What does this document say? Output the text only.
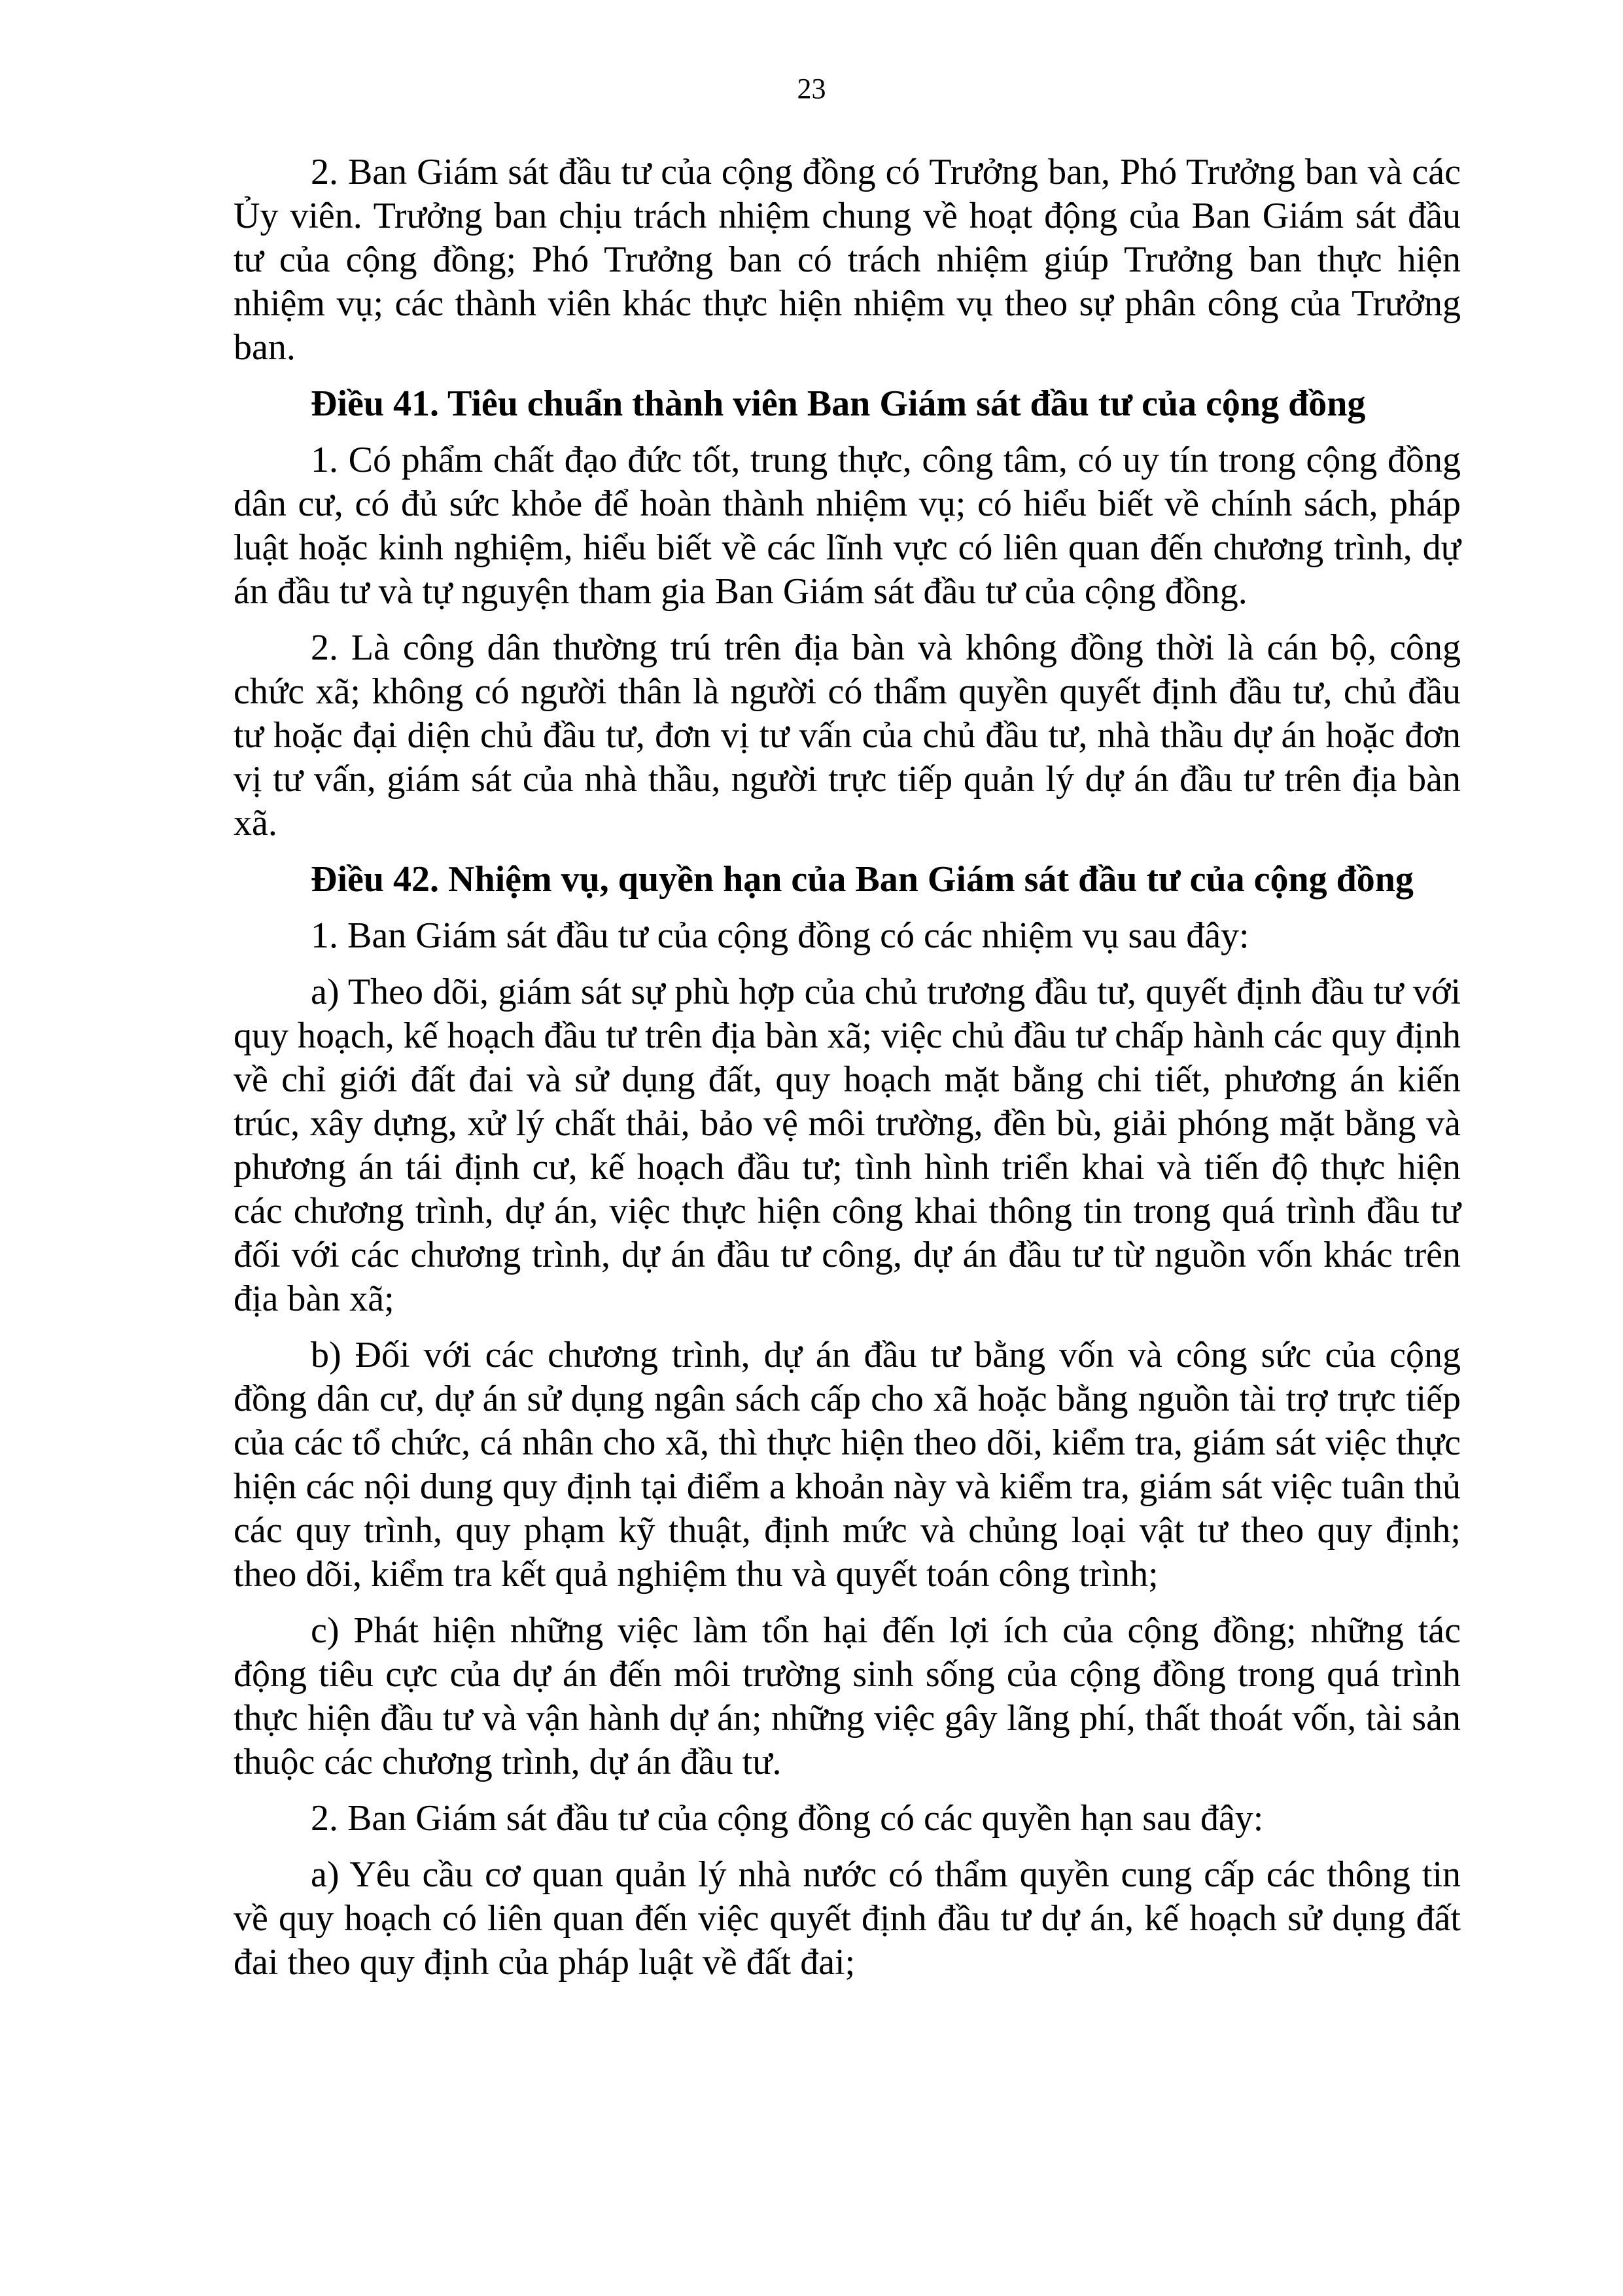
23

2. Ban Giám sát đầu tư của cộng đồng có Trưởng ban, Phó Trưởng ban và các Ủy viên. Trưởng ban chịu trách nhiệm chung về hoạt động của Ban Giám sát đầu tư của cộng đồng; Phó Trưởng ban có trách nhiệm giúp Trưởng ban thực hiện nhiệm vụ; các thành viên khác thực hiện nhiệm vụ theo sự phân công của Trưởng ban.

Điều 41. Tiêu chuẩn thành viên Ban Giám sát đầu tư của cộng đồng

1. Có phẩm chất đạo đức tốt, trung thực, công tâm, có uy tín trong cộng đồng dân cư, có đủ sức khỏe để hoàn thành nhiệm vụ; có hiểu biết về chính sách, pháp luật hoặc kinh nghiệm, hiểu biết về các lĩnh vực có liên quan đến chương trình, dự án đầu tư và tự nguyện tham gia Ban Giám sát đầu tư của cộng đồng.

2. Là công dân thường trú trên địa bàn và không đồng thời là cán bộ, công chức xã; không có người thân là người có thẩm quyền quyết định đầu tư, chủ đầu tư hoặc đại diện chủ đầu tư, đơn vị tư vấn của chủ đầu tư, nhà thầu dự án hoặc đơn vị tư vấn, giám sát của nhà thầu, người trực tiếp quản lý dự án đầu tư trên địa bàn xã.

Điều 42. Nhiệm vụ, quyền hạn của Ban Giám sát đầu tư của cộng đồng

1. Ban Giám sát đầu tư của cộng đồng có các nhiệm vụ sau đây:

a) Theo dõi, giám sát sự phù hợp của chủ trương đầu tư, quyết định đầu tư với quy hoạch, kế hoạch đầu tư trên địa bàn xã; việc chủ đầu tư chấp hành các quy định về chỉ giới đất đai và sử dụng đất, quy hoạch mặt bằng chi tiết, phương án kiến trúc, xây dựng, xử lý chất thải, bảo vệ môi trường, đền bù, giải phóng mặt bằng và phương án tái định cư, kế hoạch đầu tư; tình hình triển khai và tiến độ thực hiện các chương trình, dự án, việc thực hiện công khai thông tin trong quá trình đầu tư đối với các chương trình, dự án đầu tư công, dự án đầu tư từ nguồn vốn khác trên địa bàn xã;

b) Đối với các chương trình, dự án đầu tư bằng vốn và công sức của cộng đồng dân cư, dự án sử dụng ngân sách cấp cho xã hoặc bằng nguồn tài trợ trực tiếp của các tổ chức, cá nhân cho xã, thì thực hiện theo dõi, kiểm tra, giám sát việc thực hiện các nội dung quy định tại điểm a khoản này và kiểm tra, giám sát việc tuân thủ các quy trình, quy phạm kỹ thuật, định mức và chủng loại vật tư theo quy định; theo dõi, kiểm tra kết quả nghiệm thu và quyết toán công trình;

c) Phát hiện những việc làm tổn hại đến lợi ích của cộng đồng; những tác động tiêu cực của dự án đến môi trường sinh sống của cộng đồng trong quá trình thực hiện đầu tư và vận hành dự án; những việc gây lãng phí, thất thoát vốn, tài sản thuộc các chương trình, dự án đầu tư.

2. Ban Giám sát đầu tư của cộng đồng có các quyền hạn sau đây:

a) Yêu cầu cơ quan quản lý nhà nước có thẩm quyền cung cấp các thông tin về quy hoạch có liên quan đến việc quyết định đầu tư dự án, kế hoạch sử dụng đất đai theo quy định của pháp luật về đất đai;
